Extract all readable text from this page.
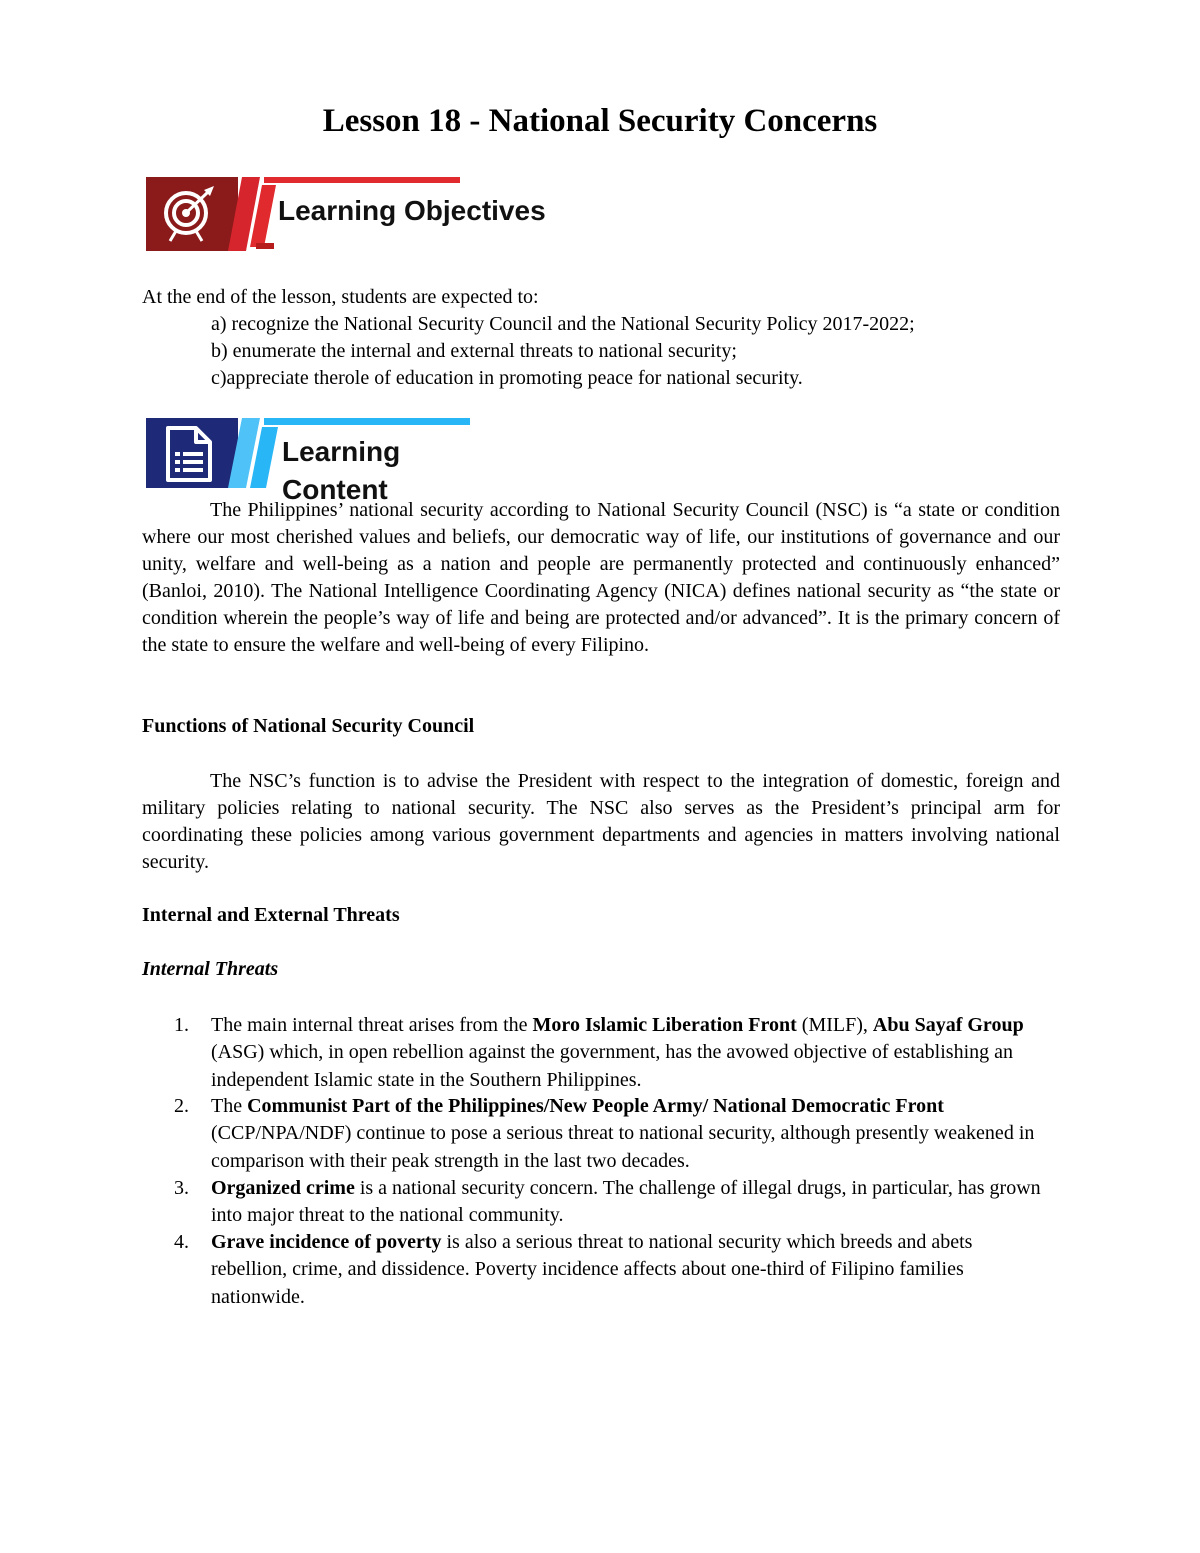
Lesson 18 - National Security Concerns
Learning Objectives

At the end of the lesson, students are expected to:

a) recognize the National Security Council and the National Security Policy 2017-2022;

b) enumerate the internal and external threats to national security;

c)appreciate therole of education in promoting peace for national security.

Learning
Content

The Philippines’ national security according to National Security Council (NSC) is “a state or condition where our most cherished values and beliefs, our democratic way of life, our institutions of governance and our unity, welfare and well-being as a nation and people are permanently protected and continuously enhanced” (Banloi, 2010). The National Intelligence Coordinating Agency (NICA) defines national security as “the state or condition wherein the people’s way of life and being are protected and/or advanced”. It is the primary concern of the state to ensure the welfare and well-being of every Filipino.

Functions of National Security Council

The NSC’s function is to advise the President with respect to the integration of domestic, foreign and military policies relating to national security. The NSC also serves as the President’s principal arm for coordinating these policies among various government departments and agencies in matters involving national security.

Internal and External Threats

Internal Threats

1.	The main internal threat arises from the Moro Islamic Liberation Front (MILF), Abu Sayaf Group (ASG) which, in open rebellion against the government, has the avowed objective of establishing an independent Islamic state in the Southern Philippines.

2.	The Communist Part of the Philippines/New People Army/ National Democratic Front (CCP/NPA/NDF) continue to pose a serious threat to national security, although presently weakened in comparison with their peak strength in the last two decades.

3.	Organized crime is a national security concern. The challenge of illegal drugs, in particular, has grown into major threat to the national community.

4.	Grave incidence of poverty is also a serious threat to national security which breeds and abets rebellion, crime, and dissidence. Poverty incidence affects about one-third of Filipino families nationwide.
